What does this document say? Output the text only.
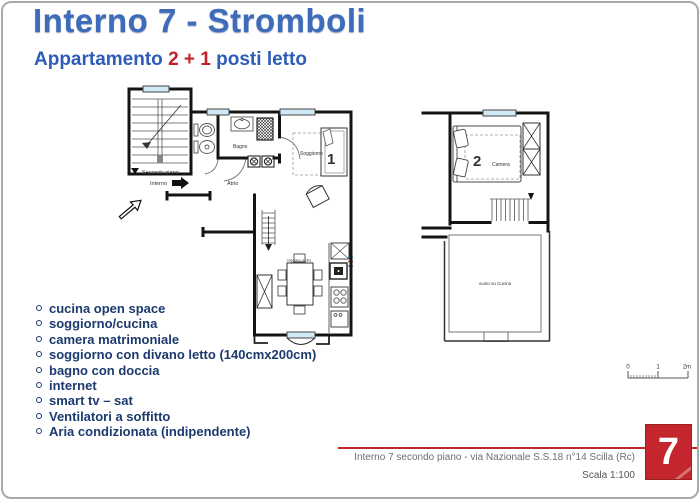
Interno 7 - Stromboli
Appartamento 2 + 1 posti letto
Secondo piano
Interno
Bagno
Atrio
Soggiorno 1
soggiorno cucina
2 Camera
vuoto su Cucina
cucina open space
soggiorno/cucina
camera matrimoniale
soggiorno con divano letto (140cmx200cm)
bagno con doccia
internet
smart tv – sat
Ventilatori a soffitto
Aria condizionata (indipendente)
0	1	2m
Interno 7 secondo piano - via Nazionale S.S.18 n°14 Scilla (Rc)
Scala 1:100
7
